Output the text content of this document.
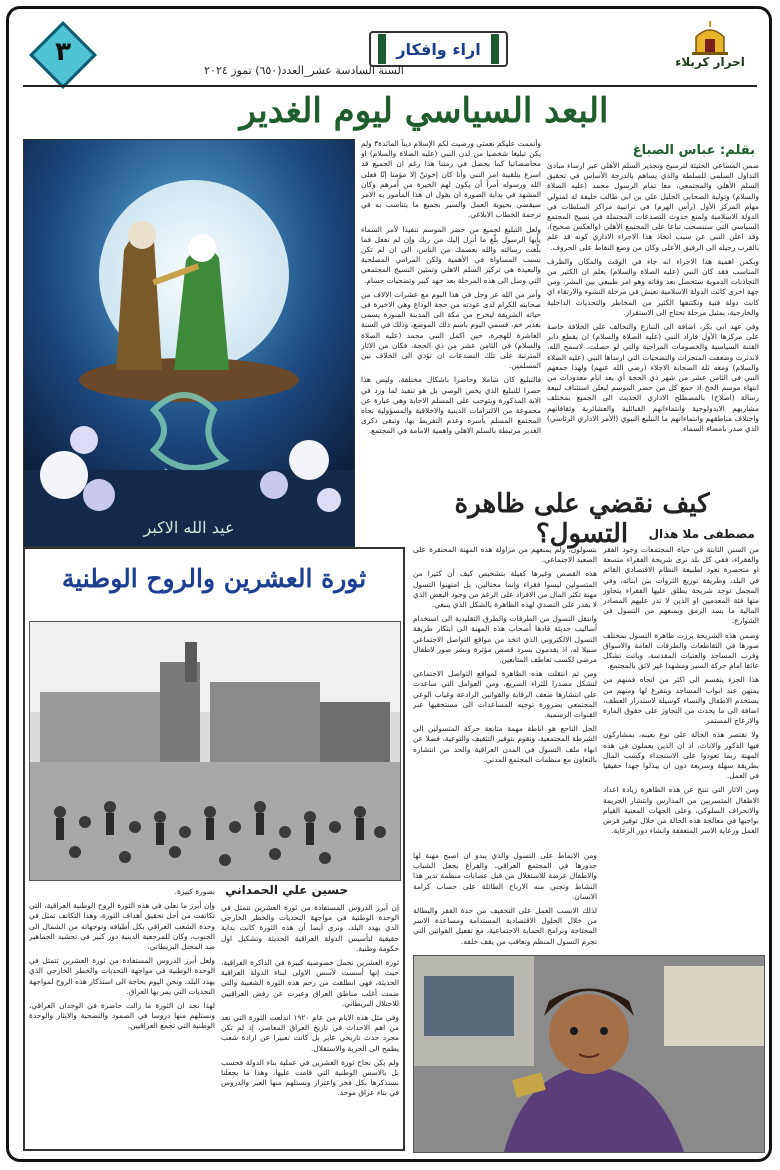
احرار كربلاء
اراء وافكار
السنة السادسة عشر_العدد(٦٥٠) تموز ٢٠٢٤
٣
البعد السياسي ليوم الغدير
بقلم: عباس الصباغ

ضمن المساعي الحثيثة لترسيخ وتجذير السلم الأهلي عبر ارساء مبادئ التداول السلمي للسلطة والذي يساهم بالدرجة الأساس في تحقيق السلم الأهلي والمجتمعي، معا تمام الرسول محمد (عليه الصلاة والسلام) وتولية الصحابي الجليل علي بن ابي طالب خليفة له لمتولي مهام المركز الأول (رأس الهرم) في تراتبية مراكز السلطات في الدولة الاسلامية ولمنع حدوث التصدعات المحتملة في نسيج المجتمع السياسي التي ستنسحب تباعا على المجتمع الأهلي (والعكس صحيح)، وقد اعلن النبي عن سبب اتخاذ هذا الاجراء الاداري كونه قد علم بالقرب رحيله الى الرفيق الأعلى وكان من وضع النقاط على الحروف.

وبكمن اهمية هذا الاجراء انه جاء في الوقت والمكان والظرف المناسب فقد كان النبي (عليه الصلاة والسلام) يعلم ان الكثير من التجاذبات الدموية ستحصل بعد وفاته وهو امر طبيعي بين البشر، ومن جهة اخرى كانت الدولة الاسلامية تعيش في مرحلة النشوء والارتقاء اي كانت دولة فتية وتكتنفها الكثير من المخاطر والتحديات الداخلية والخارجية، بمثيل مرحلة تحتاج الى الاستقرار.

وفي عهد ابي بكر، اضافة الى التنازع والتخالف على الخلافة خاصة على مركزها الأول فاراد النبي (عليه الصلاة والسلام) ان يقطع دابر الفتنة السياسية والخصومات المزاجية والتي لو حصلت، لاسمح الله، لاندثرت وضعفت المنجزات والتضحيات التي ارساها النبي (عليه الصلاة والسلام) ومعه ثلة الصحابة الاجلاء (رضي الله عنهم) ولهذا جمعهم النبي في الثامن عشر من شهر ذي الحجة أي بعد ايام معدودات من انتهاء موسم الحج اذ جمع كل من حضر الموسم ليعلن استئناف لبيعة رسالة (اصلاح) بالمصطلح الاداري الحديث الى الجميع بمختلف مشاربهم الايدولوجية وانتماءاتهم القبائلية والعشائرية وثقافاتهم واختلاف مناطقهم وانتماءاتهم ما النبليغ النبوي (الأمر الاداري الرئاسي) الذي صدر بامضاء السماء.

وأتممت عليكم نعمتي ورضيت لكم الإسلام ديناً المائدة٣ ولم يكن تبليغا شخصيا من لدن النبي (عليه الصلاة والسلام) او محاصصاتيا كما يحصل في زمننا هذا رغم ان الجميع قد اسرع بتلقيبة امر النبي وأنا كان إخوتنّ إلا مؤمنا إنّا فعلى الله ورسوله أمراً أن يكون لهم الخيرة من أمرهم وكان المشهد في بداية الصورة ان يقول ان هذا المأمور به الامر سيقضي بحيوية العمل والسير بجميع ما يتناسب به في ترجمة الخطاب الابلاغي.

ولعل التبليغ لجميع من حضر الموسم تنفيذا لأمر السماء يأيها الرسول بلّغ ما أنزل إليك من ربك وإن لم تفعل فما بلّغت رسالته والله يعصمك من الناس، الى ان لم تكن بسبب المساواة في الأهمية ولكن المرامي المصلحية والبعيدة هي تركيز السلم الاهلي وتمتين النسيج المجتمعي التي وصل الى هذه المرحلة بعد جهد كبير وتضحيات جسام.

وأمر من الله عز وجل في هذا اليوم مع عشرات الالاف من صحابته الكرام لدى عودته من حجة الوداع وهي الاخيرة في حياته الشريفة ليخرج من مكة الى المدينة المنورة يسمى بغدير خم، فسمي اليوم باسم ذلك الموضع، وذلك في السنة العاشرة للهجرة، حين اكمل النبي محمد (عليه الصلاة والسلام) في الثامن عشر من ذي الحجة، فكان من الاثار المترتبة على تلك التصدعات ان تؤدي الى الخلاف بين المسلمين.

فالتبليغ كان شاملا وحاضرا باشكال مختلفة، وليس هذا حصرا للتبليغ الذي يخص الوصي بل هو تنفيذ لما ورد في الاية المذكورة ويتوجب على المسلم الاجابة وهي عبارة عن مجموعة من الالتزامات الدينية والاخلاقية والمسؤولية تجاه المجتمع المسلم بأسره وعدم التفريط بها، وتبقى ذكرى الغدير مرتبطة بالسلم الاهلي واهمية الامامة في المجتمع.

عيد الله الاكبر
كيف نقضي على ظاهرة التسول؟	مصطفى ملا هذال

من السنن الثابتة في حياة المجتمعات وجود الفقر والفقراء، ففي كل بلد نرى شريحة الفقراء متسعة او منحصرة تعود لطبيعة النظام الاقتصادي القائم في البلد، وطريقة توزيع الثروات بين ابنائه، وفي المجمل توجد شريحة يطلق عليها الفقراء يتجاوز منها فئة المعدمين او الذين لا تدر عليهم المصادر المالية ما يسد الرمق ويمنعهم من التسول في الشوارع.

وضمن هذه الشريحة برزت ظاهرة التسول بمختلف صورها في التقاطعات والطرقات العامة والاسواق وقرب المساجد والعتبات المقدسة، وباتت تشكل عائقا امام حركة السير ومشهدا غير لائق بالمجتمع.

هذا الجزء ينقسم الى اكثر من اتجاه فمنهم من يمتهن عند ابواب المساجد ويتفرغ لها ومنهم من يستخدم الاطفال والنساء كوسيلة لاستدرار العطف، اضافة الى ما يحدث من التجاوز على حقوق المارة والازعاج المستمر.

ولا تقتصر هذه الحالة على نوع بعينه، بمشاركون فيها الذكور والاناث، اذ ان الذين يعملون في هذه المهنة ربما تعودوا على الاستجداء وكسب المال بطريقة سهلة وسريعة دون ان يبذلوا جهدا حقيقيا في العمل.

ومن الاثار التي تنتج عن هذه الظاهرة زيادة اعداد الاطفال المتسربين من المدارس وانتشار الجريمة والانحراف السلوكي، وعلى الجهات المعنية القيام بواجبها في معالجة هذه الحالة من خلال توفير فرص العمل ورعاية الاسر المتعففة وانشاء دور الرعاية.

بتسولون، ولم يمنعهم من مزاولة هذه المهنة المحتقرة على الصعيد الاجتماعي.

هذه القصص وغيرها كفيلة بتشخيص كيف أن كثيرا من المتسولين ليسوا فقراء وإنما محتالين، بل امتهنوا التسول مهنة تكثر المال من الافراد على الرغم من وجود البعض الذي لا يقدر على التصدي لهذه الظاهرة بالشكل الذي ينبغي.

وانتقل التسول من الطرقات والطرق التقليدية الى استخدام أساليب حديثة قادها أصحاب هذه المهنة الى ابتكار طريقة التسول الالكتروني الذي اتخذ من مواقع التواصل الاجتماعي سبيلا له، اذ يقدمون بسرد قصص مؤثرة ونشر صور لاطفال مرضى لكسب تعاطف المتابعين.

ومن ثم انتقلت هذه الظاهرة لمواقع التواصل الاجتماعي لتشكل مصدرا للثراء السريع، ومن العوامل التي ساعدت على انتشارها ضعف الرقابة والقوانين الرادعة وغياب الوعي المجتمعي بضرورة توجيه المساعدات الى مستحقيها عبر القنوات الرسمية.

الحل الناجع هو اناطة مهمة متابعة حركة المتسولين الى الشرطة المجتمعية، وتقوم بتوفير التثقيف والتوعية، فضلا عن انهاء ملف التسول في المدن العراقية والحد من انتشاره بالتعاون مع منظمات المجتمع المدني.

ومن الانماط على التسول والذي يبدو ان اصبح مهنة لها جذورها في المجتمع العراقي، والفراغ يجعل الشباب والاطفال عرضة للاستغلال من قبل عصابات منظمة تدير هذا النشاط وتجني منه الارباح الطائلة على حساب كرامة الانسان.

لذلك الانسب العمل على التخفيف من حدة الفقر والبطالة من خلال الحلول الاقتصادية المستدامة ومساعدة الاسر المحتاجة وبرامج الحماية الاجتماعية، مع تفعيل القوانين التي تجرم التسول المنظم وتعاقب من يقف خلفه.

ثورة العشرين والروح الوطنية
حسين علي الحمداني

بصورة كبيرة.

وإن أبرز ما نعلي في هذه الثورة الروح الوطنية العراقية، التي تكاتفت من أجل تحقيق أهداف الثورة، وهذا التكاتف تمثل في وحدة الشعب العراقي بكل أطيافه وتوجهاته من الشمال الى الجنوب، وكان للمرجعية الدينية دور كبير في تحشيد الجماهير ضد المحتل البريطاني.

ولعل أبرز الدروس المستفادة من ثورة العشرين تتمثل في الوحدة الوطنية في مواجهة التحديات والخطر الخارجي الذي يهدد البلد، ونحن اليوم بحاجة الى استذكار هذه الروح لمواجهة التحديات التي يمر بها العراق.

لهذا نجد ان الثورة ما زالت حاضرة في الوجدان العراقي، ونستلهم منها دروسا في الصمود والتضحية والايثار والوحدة الوطنية التي تجمع العراقيين.

إن أبرز الدروس المستفادة من ثورة العشرين تتمثل في الوحدة الوطنية في مواجهة التحديات والخطر الخارجي الذي يهدد البلد، ونرى أيضا أن هذه الثورة كانت بداية حقيقية لتأسيس الدولة العراقية الحديثة وتشكيل اول حكومة وطنية.

ثورة العشرين تحمل خصوصية كبيرة في الذاكرة العراقية، حيث إنها أسست لأسس الاولى لبناء الدولة العراقية الحديثة، فهي انطلقت من رحم هذه الثورة الشعبية والتي ضمت أغلب مناطق العراق وعبرت عن رفض العراقيين للاحتلال البريطاني.

وفي مثل هذه الايام من عام ١٩٢٠ اندلعت الثورة التي تعد من اهم الاحداث في تاريخ العراق المعاصر، إذ لم تكن مجرد حدث تاريخي عابر بل كانت تعبيرا عن ارادة شعب يطمح الى الحرية والاستقلال.

ولم يكن نجاح ثورة العشرين في عملية بناء الدولة فحسب بل بالاسس الوطنية التي قامت عليها، وهذا ما يجعلنا نستذكرها بكل فخر واعتزاز ونستلهم منها العبر والدروس في بناء عراق موحد.
